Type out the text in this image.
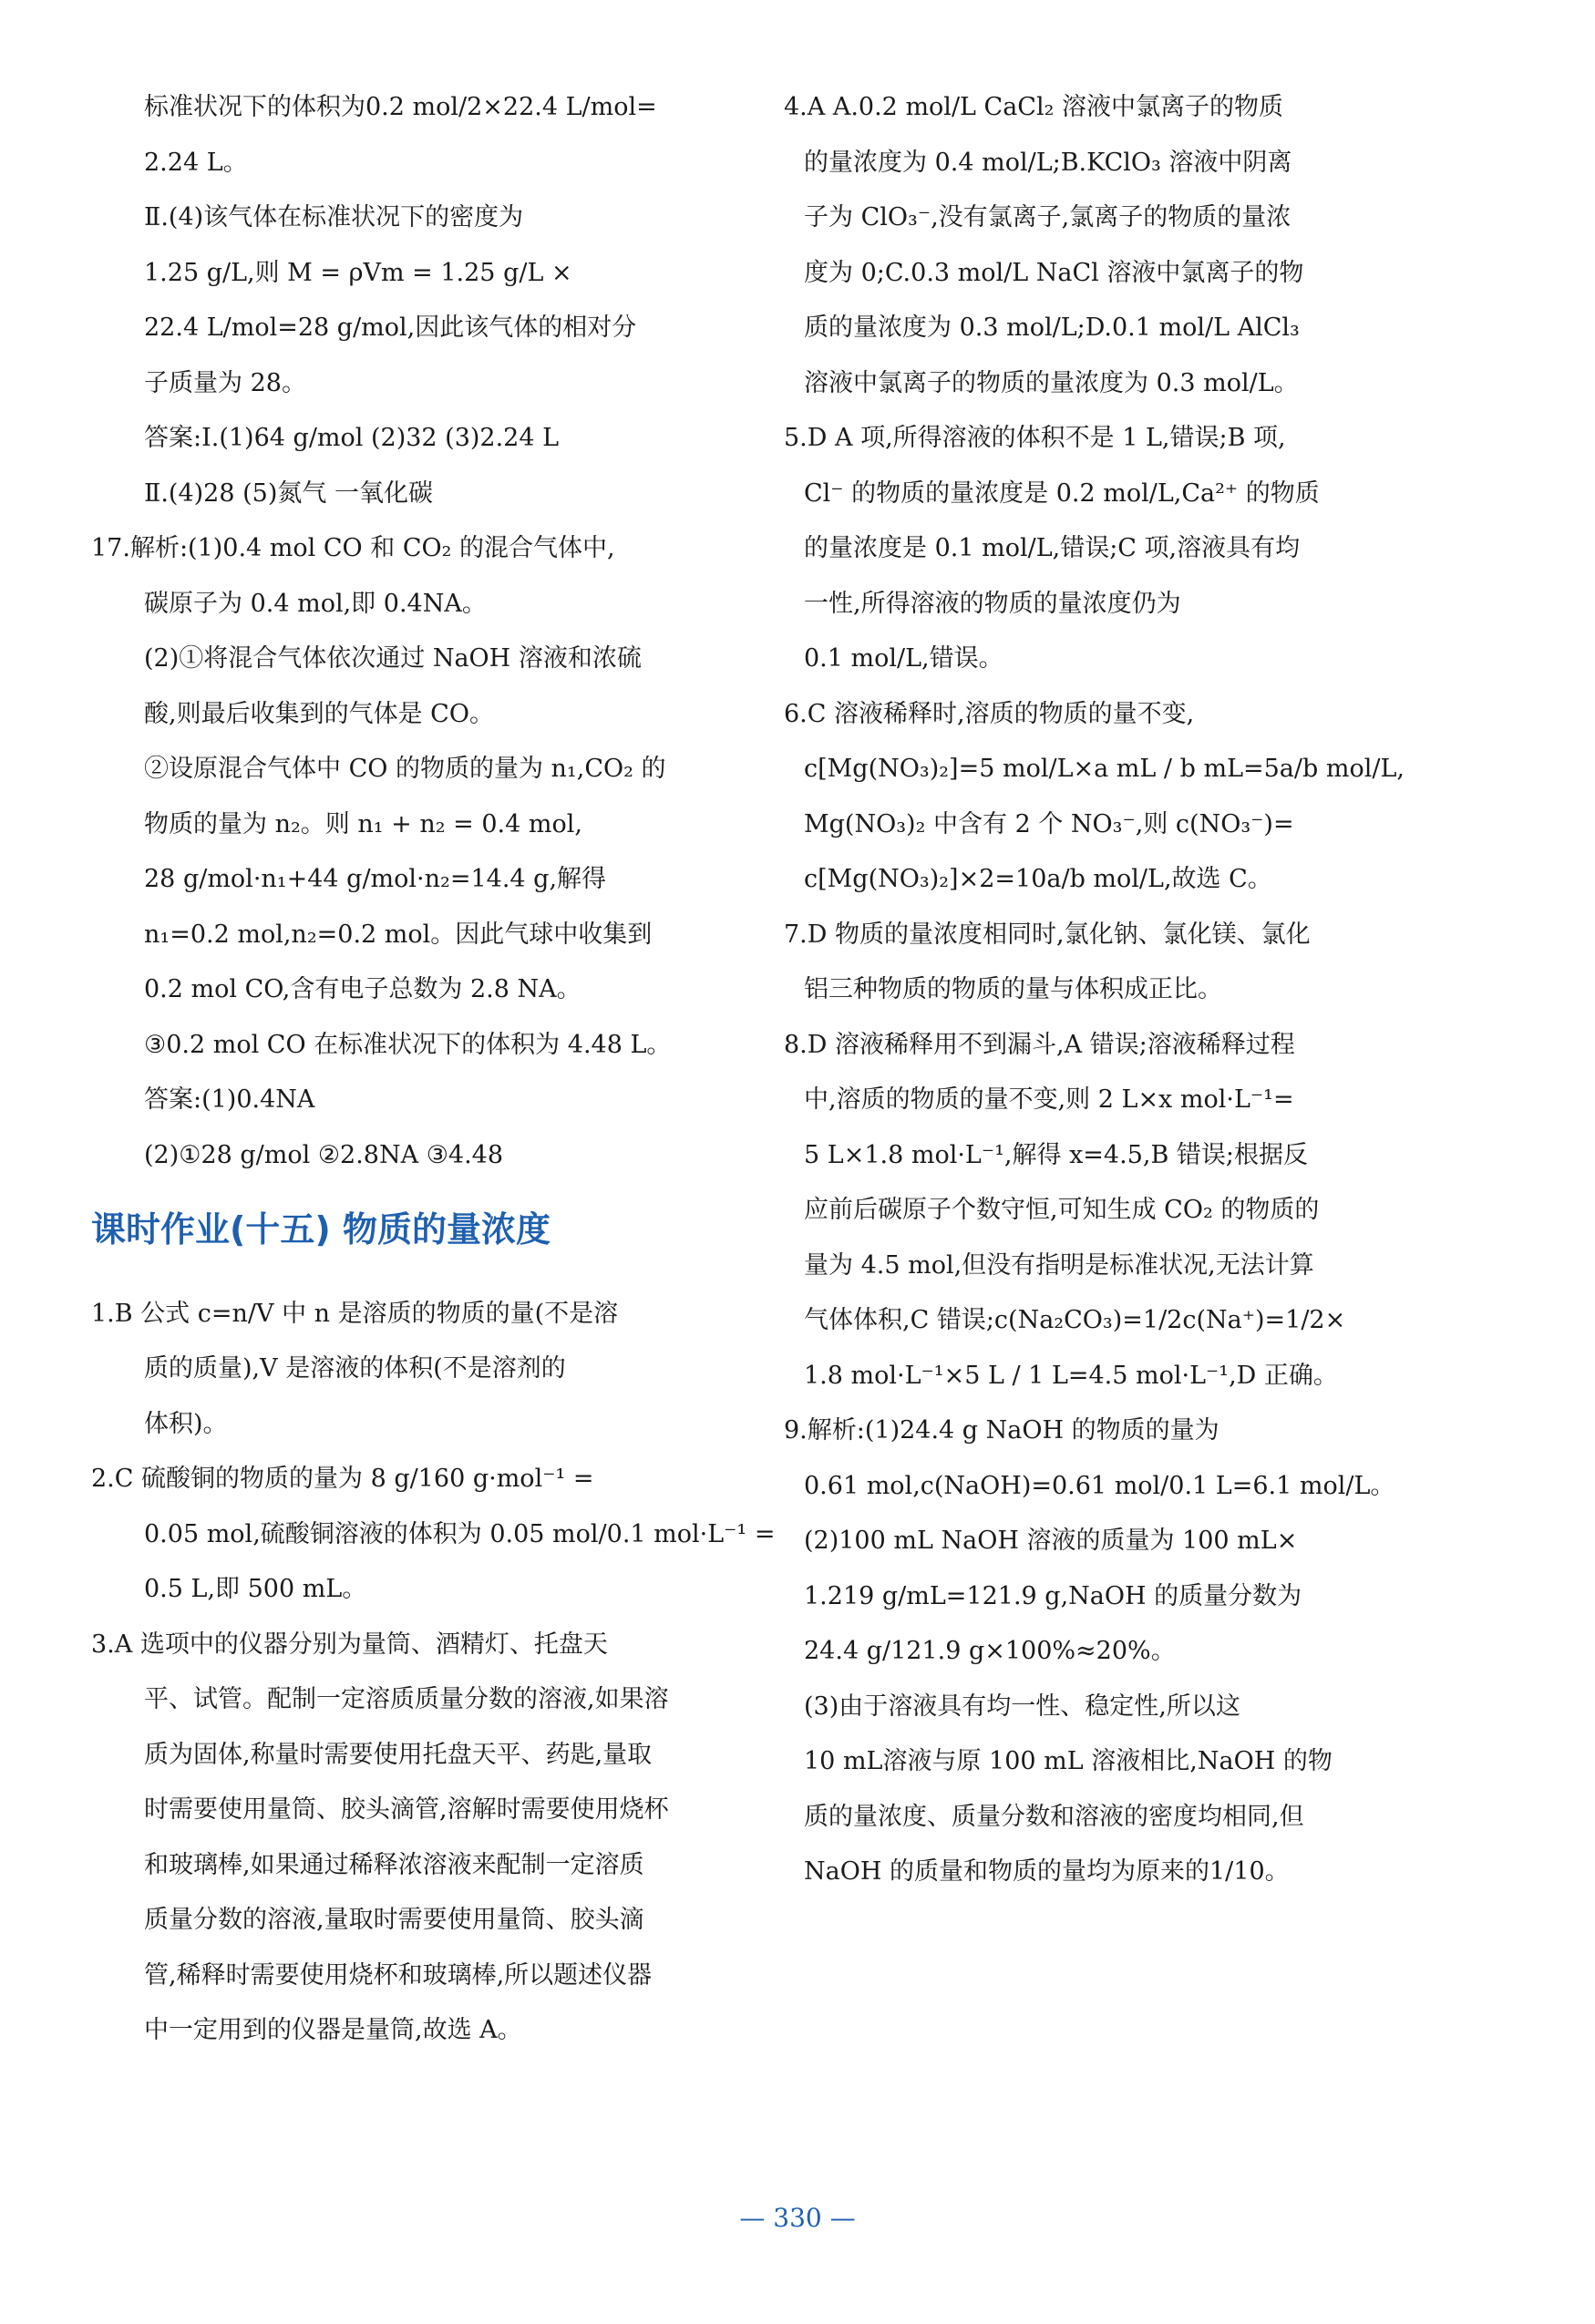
标准状况下的体积为0.2 mol/2×22.4 L/mol=
2.24 L。
Ⅱ.(4)该气体在标准状况下的密度为
1.25 g/L,则 M = ρVm = 1.25 g/L ×
22.4 L/mol=28 g/mol,因此该气体的相对分
子质量为 28。
答案:Ⅰ.(1)64 g/mol (2)32 (3)2.24 L
Ⅱ.(4)28 (5)氮气 一氧化碳
17.解析:(1)0.4 mol CO 和 CO₂ 的混合气体中,
碳原子为 0.4 mol,即 0.4NA。
(2)①将混合气体依次通过 NaOH 溶液和浓硫
酸,则最后收集到的气体是 CO。
②设原混合气体中 CO 的物质的量为 n₁,CO₂ 的
物质的量为 n₂。则 n₁ + n₂ = 0.4 mol,
28 g/mol·n₁+44 g/mol·n₂=14.4 g,解得
n₁=0.2 mol,n₂=0.2 mol。因此气球中收集到
0.2 mol CO,含有电子总数为 2.8 NA。
③0.2 mol CO 在标准状况下的体积为 4.48 L。
答案:(1)0.4NA
(2)①28 g/mol ②2.8NA ③4.48
课时作业(十五) 物质的量浓度
1.B 公式 c=n/V 中 n 是溶质的物质的量(不是溶
质的质量),V 是溶液的体积(不是溶剂的
体积)。
2.C 硫酸铜的物质的量为 8 g/160 g·mol⁻¹ =
0.05 mol,硫酸铜溶液的体积为 0.05 mol/0.1 mol·L⁻¹ =
0.5 L,即 500 mL。
3.A 选项中的仪器分别为量筒、酒精灯、托盘天
平、试管。配制一定溶质质量分数的溶液,如果溶
质为固体,称量时需要使用托盘天平、药匙,量取
时需要使用量筒、胶头滴管,溶解时需要使用烧杯
和玻璃棒,如果通过稀释浓溶液来配制一定溶质
质量分数的溶液,量取时需要使用量筒、胶头滴
管,稀释时需要使用烧杯和玻璃棒,所以题述仪器
中一定用到的仪器是量筒,故选 A。
4.A A.0.2 mol/L CaCl₂ 溶液中氯离子的物质
的量浓度为 0.4 mol/L;B.KClO₃ 溶液中阴离
子为 ClO₃⁻,没有氯离子,氯离子的物质的量浓
度为 0;C.0.3 mol/L NaCl 溶液中氯离子的物
质的量浓度为 0.3 mol/L;D.0.1 mol/L AlCl₃
溶液中氯离子的物质的量浓度为 0.3 mol/L。
5.D A 项,所得溶液的体积不是 1 L,错误;B 项,
Cl⁻ 的物质的量浓度是 0.2 mol/L,Ca²⁺ 的物质
的量浓度是 0.1 mol/L,错误;C 项,溶液具有均
一性,所得溶液的物质的量浓度仍为
0.1 mol/L,错误。
6.C 溶液稀释时,溶质的物质的量不变,
c[Mg(NO₃)₂]=5 mol/L×a mL / b mL=5a/b mol/L,
Mg(NO₃)₂ 中含有 2 个 NO₃⁻,则 c(NO₃⁻)=
c[Mg(NO₃)₂]×2=10a/b mol/L,故选 C。
7.D 物质的量浓度相同时,氯化钠、氯化镁、氯化
铝三种物质的物质的量与体积成正比。
8.D 溶液稀释用不到漏斗,A 错误;溶液稀释过程
中,溶质的物质的量不变,则 2 L×x mol·L⁻¹=
5 L×1.8 mol·L⁻¹,解得 x=4.5,B 错误;根据反
应前后碳原子个数守恒,可知生成 CO₂ 的物质的
量为 4.5 mol,但没有指明是标准状况,无法计算
气体体积,C 错误;c(Na₂CO₃)=1/2c(Na⁺)=1/2×
1.8 mol·L⁻¹×5 L / 1 L=4.5 mol·L⁻¹,D 正确。
9.解析:(1)24.4 g NaOH 的物质的量为
0.61 mol,c(NaOH)=0.61 mol/0.1 L=6.1 mol/L。
(2)100 mL NaOH 溶液的质量为 100 mL×
1.219 g/mL=121.9 g,NaOH 的质量分数为
24.4 g/121.9 g×100%≈20%。
(3)由于溶液具有均一性、稳定性,所以这
10 mL溶液与原 100 mL 溶液相比,NaOH 的物
质的量浓度、质量分数和溶液的密度均相同,但
NaOH 的质量和物质的量均为原来的1/10。
— 330 —
